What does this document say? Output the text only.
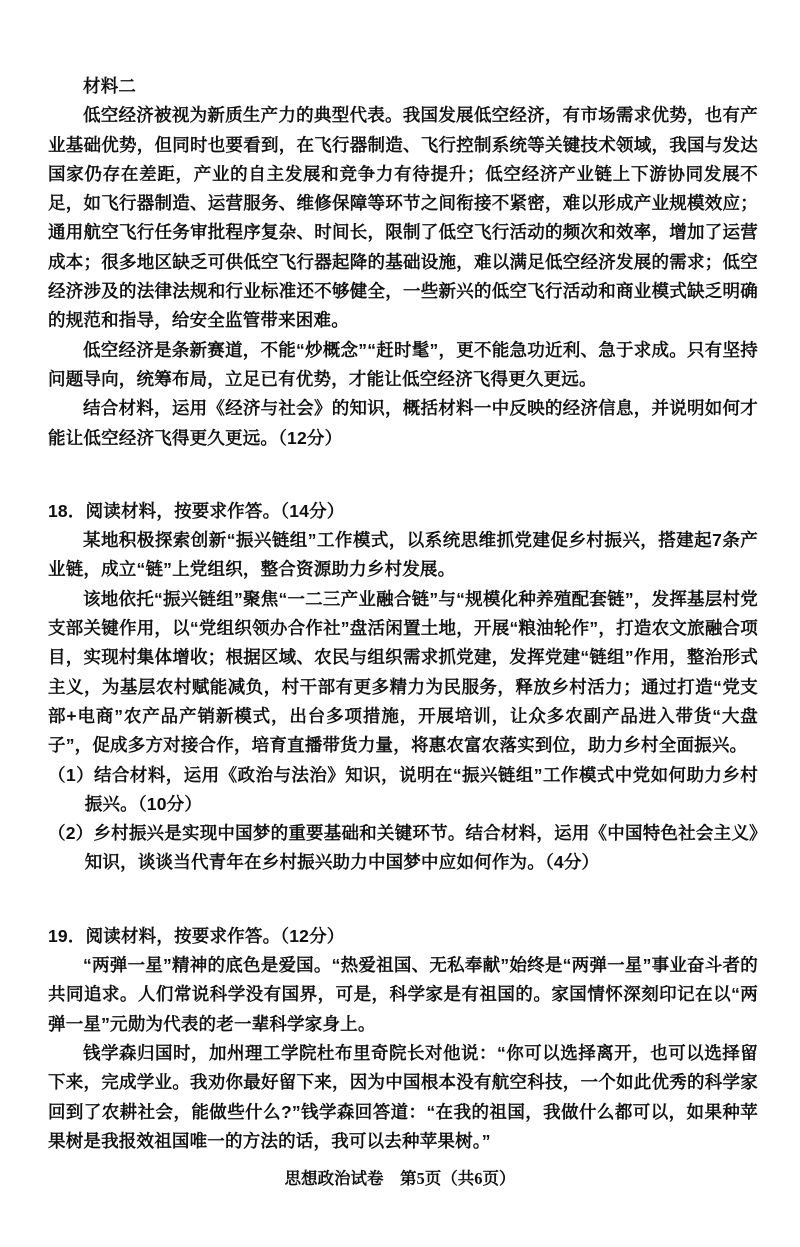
材料二

低空经济被视为新质生产力的典型代表。我国发展低空经济，有市场需求优势，也有产业基础优势，但同时也要看到，在飞行器制造、飞行控制系统等关键技术领域，我国与发达国家仍存在差距，产业的自主发展和竞争力有待提升；低空经济产业链上下游协同发展不足，如飞行器制造、运营服务、维修保障等环节之间衔接不紧密，难以形成产业规模效应；通用航空飞行任务审批程序复杂、时间长，限制了低空飞行活动的频次和效率，增加了运营成本；很多地区缺乏可供低空飞行器起降的基础设施，难以满足低空经济发展的需求；低空经济涉及的法律法规和行业标准还不够健全，一些新兴的低空飞行活动和商业模式缺乏明确的规范和指导，给安全监管带来困难。

低空经济是条新赛道，不能“炒概念”“赶时髦”，更不能急功近利、急于求成。只有坚持问题导向，统筹布局，立足已有优势，才能让低空经济飞得更久更远。

结合材料，运用《经济与社会》的知识，概括材料一中反映的经济信息，并说明如何才能让低空经济飞得更久更远。（12分）

18．阅读材料，按要求作答。（14分）

某地积极探索创新“振兴链组”工作模式，以系统思维抓党建促乡村振兴，搭建起7条产业链，成立“链”上党组织，整合资源助力乡村发展。

该地依托“振兴链组”聚焦“一二三产业融合链”与“规模化种养殖配套链”，发挥基层村党支部关键作用，以“党组织领办合作社”盘活闲置土地，开展“粮油轮作”，打造农文旅融合项目，实现村集体增收；根据区域、农民与组织需求抓党建，发挥党建“链组”作用，整治形式主义，为基层农村赋能减负，村干部有更多精力为民服务，释放乡村活力；通过打造“党支部+电商”农产品产销新模式，出台多项措施，开展培训，让众多农副产品进入带货“大盘子”，促成多方对接合作，培育直播带货力量，将惠农富农落实到位，助力乡村全面振兴。

（1）结合材料，运用《政治与法治》知识，说明在“振兴链组”工作模式中党如何助力乡村振兴。（10分）

（2）乡村振兴是实现中国梦的重要基础和关键环节。结合材料，运用《中国特色社会主义》知识，谈谈当代青年在乡村振兴助力中国梦中应如何作为。（4分）

19．阅读材料，按要求作答。（12分）

“两弹一星”精神的底色是爱国。“热爱祖国、无私奉献”始终是“两弹一星”事业奋斗者的共同追求。人们常说科学没有国界，可是，科学家是有祖国的。家国情怀深刻印记在以“两弹一星”元勋为代表的老一辈科学家身上。

钱学森归国时，加州理工学院杜布里奇院长对他说：“你可以选择离开，也可以选择留下来，完成学业。我劝你最好留下来，因为中国根本没有航空科技，一个如此优秀的科学家回到了农耕社会，能做些什么?”钱学森回答道：“在我的祖国，我做什么都可以，如果种苹果树是我报效祖国唯一的方法的话，我可以去种苹果树。”

思想政治试卷　第5页（共6页）
